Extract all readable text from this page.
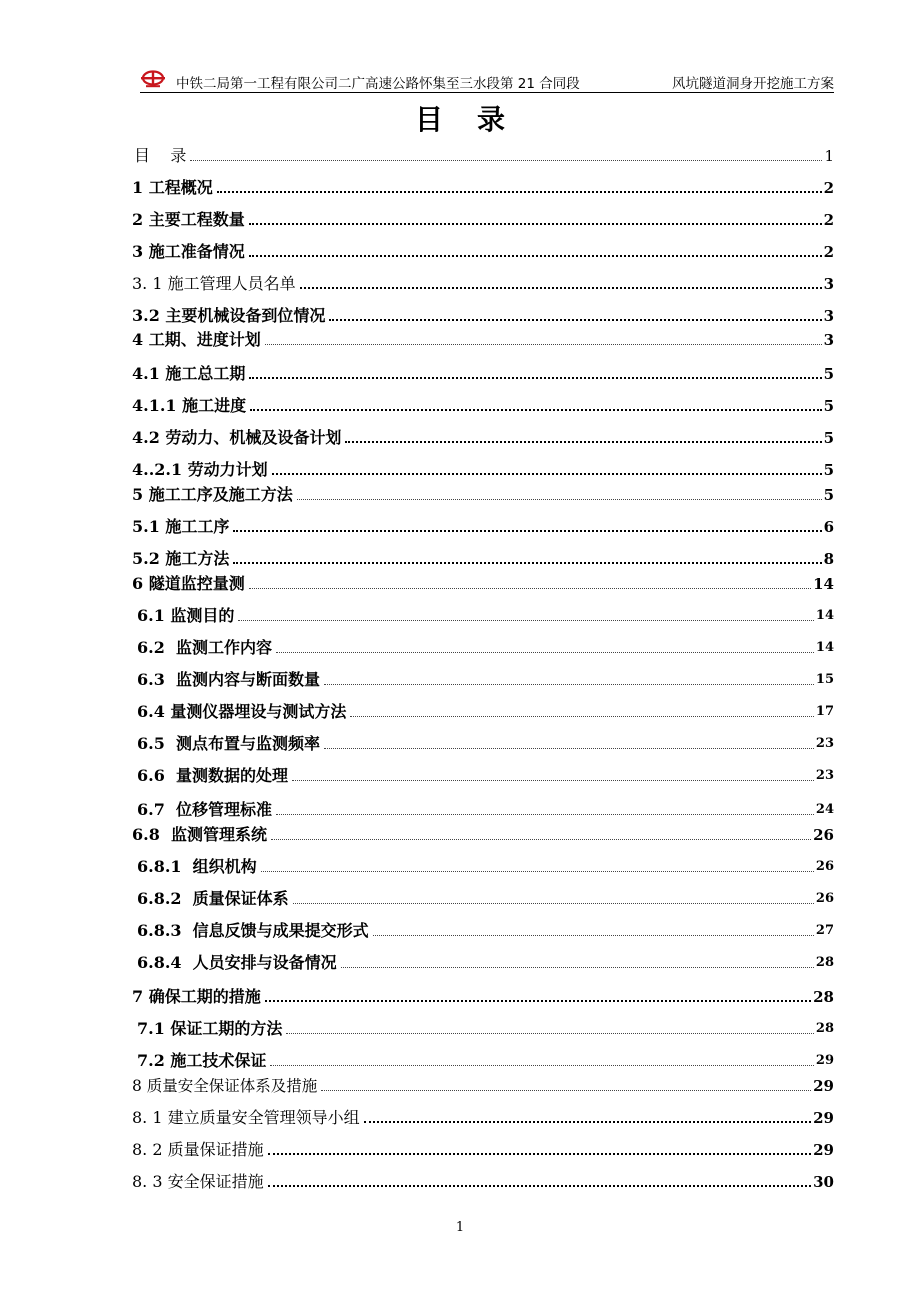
中铁二局第一工程有限公司二广高速公路怀集至三水段第 21 合同段	风坑隧道洞身开挖施工方案
目录
目    录	1
1 工程概况	2
2 主要工程数量	2
3 施工准备情况	2
3. 1 施工管理人员名单	3
3.2 主要机械设备到位情况	3
4 工期、进度计划	3
4.1 施工总工期	5
4.1.1 施工进度	5
4.2 劳动力、机械及设备计划	5
4..2.1 劳动力计划	5
5 施工工序及施工方法	5
5.1 施工工序	6
5.2 施工方法	8
6 隧道监控量测	14
6.1 监测目的	14
6.2  监测工作内容	14
6.3  监测内容与断面数量	15
6.4 量测仪器埋设与测试方法	17
6.5  测点布置与监测频率	23
6.6  量测数据的处理	23
6.7  位移管理标准	24
6.8  监测管理系统	26
6.8.1  组织机构	26
6.8.2  质量保证体系	26
6.8.3  信息反馈与成果提交形式	27
6.8.4  人员安排与设备情况	28
7 确保工期的措施	28
7.1 保证工期的方法	28
7.2 施工技术保证	29
8 质量安全保证体系及措施	29
8. 1 建立质量安全管理领导小组	29
8. 2 质量保证措施	29
8. 3 安全保证措施	30
1
